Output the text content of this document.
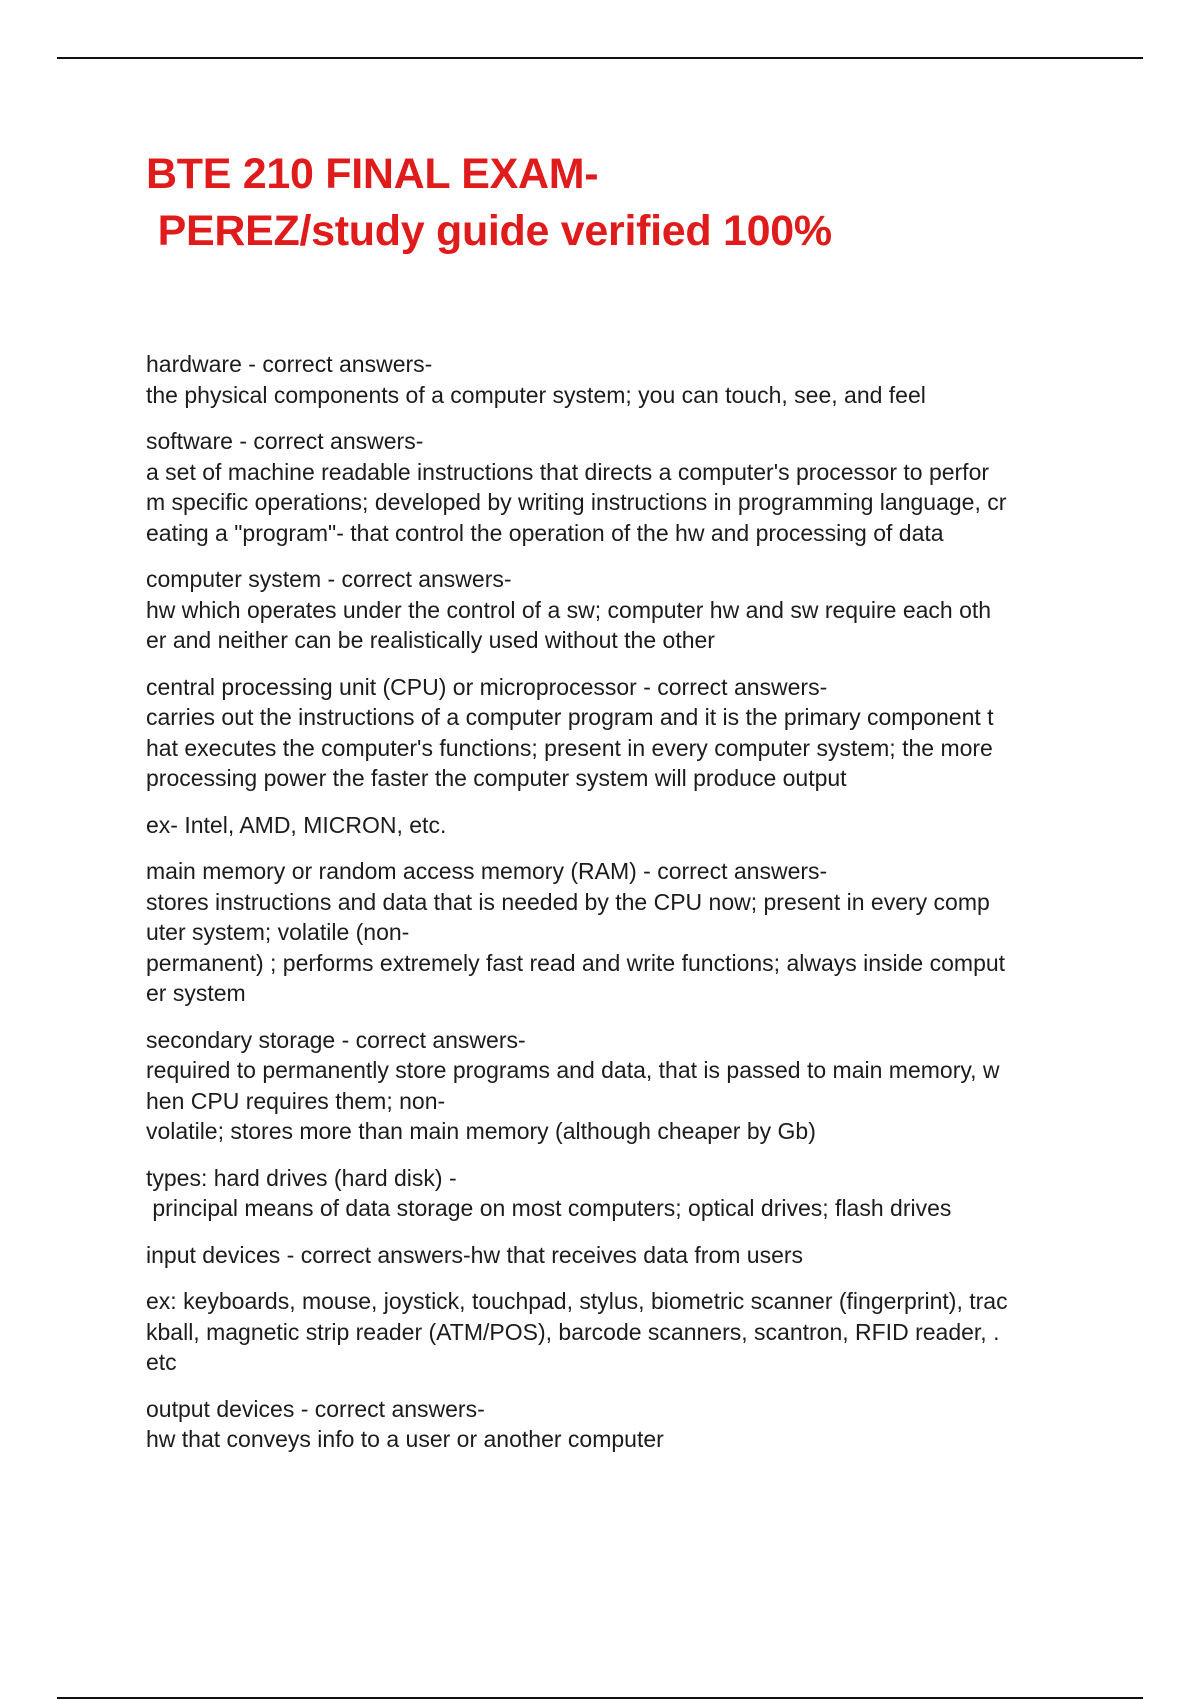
BTE 210 FINAL EXAM-
PEREZ/study guide verified 100%
hardware - correct answers-
the physical components of a computer system; you can touch, see, and feel
software - correct answers-
a set of machine readable instructions that directs a computer's processor to perfor
m specific operations; developed by writing instructions in programming language, cr
eating a "program"- that control the operation of the hw and processing of data
computer system - correct answers-
hw which operates under the control of a sw; computer hw and sw require each oth
er and neither can be realistically used without the other
central processing unit (CPU) or microprocessor - correct answers-
carries out the instructions of a computer program and it is the primary component t
hat executes the computer's functions; present in every computer system; the more
processing power the faster the computer system will produce output
ex- Intel, AMD, MICRON, etc.
main memory or random access memory (RAM) - correct answers-
stores instructions and data that is needed by the CPU now; present in every comp
uter system; volatile (non-
permanent) ; performs extremely fast read and write functions; always inside comput
er system
secondary storage - correct answers-
required to permanently store programs and data, that is passed to main memory, w
hen CPU requires them; non-
volatile; stores more than main memory (although cheaper by Gb)
types: hard drives (hard disk) -
principal means of data storage on most computers; optical drives; flash drives
input devices - correct answers-hw that receives data from users
ex: keyboards, mouse, joystick, touchpad, stylus, biometric scanner (fingerprint), trac
kball, magnetic strip reader (ATM/POS), barcode scanners, scantron, RFID reader, .
etc
output devices - correct answers-
hw that conveys info to a user or another computer
